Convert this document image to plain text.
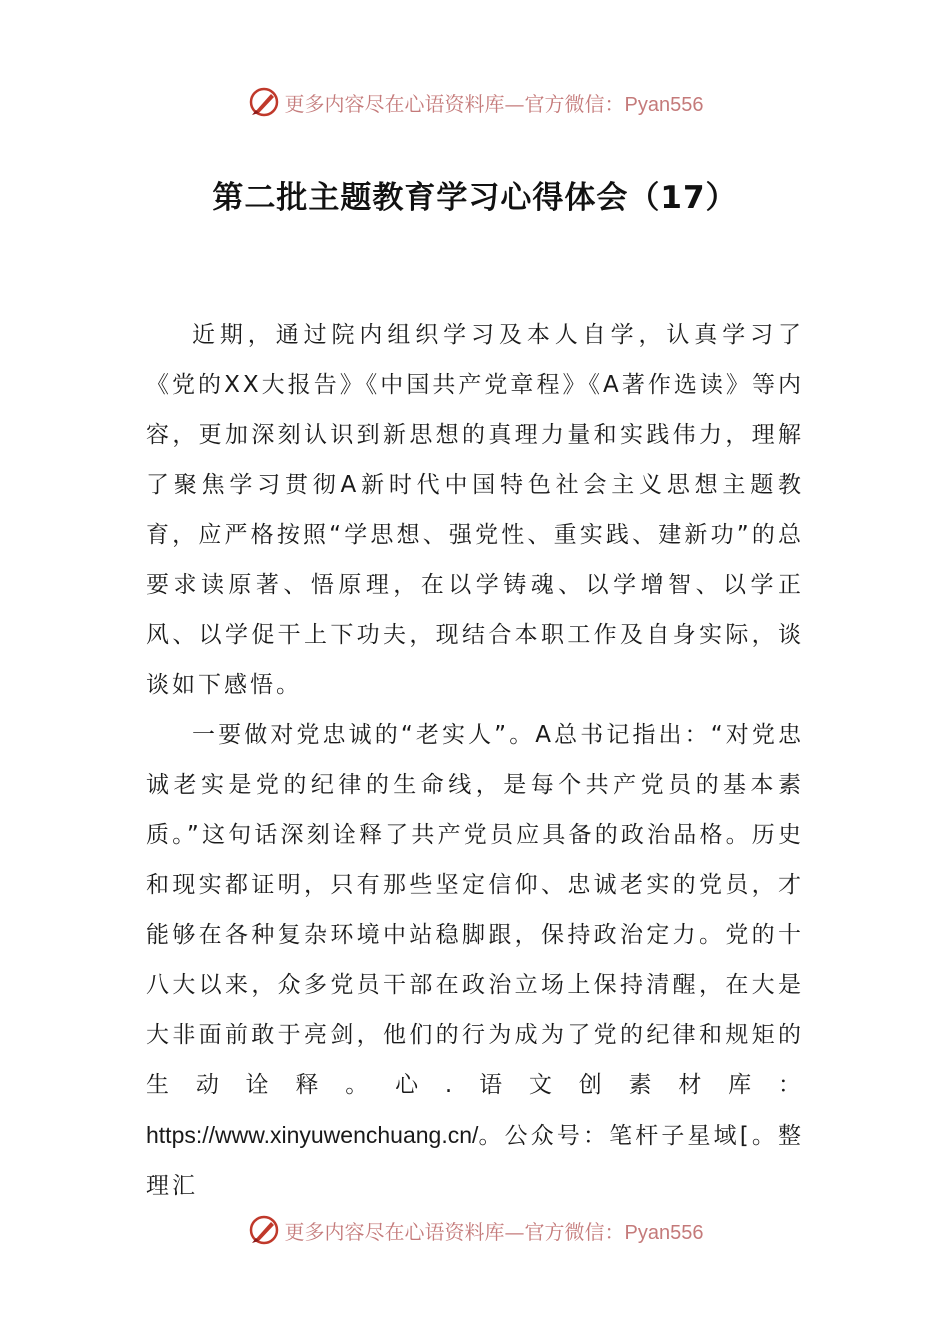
更多内容尽在心语资料库—官方微信：Pyan556
第二批主题教育学习心得体会（17）

近期，通过院内组织学习及本人自学，认真学习了《党的XX大报告》《中国共产党章程》《A著作选读》等内容，更加深刻认识到新思想的真理力量和实践伟力，理解了聚焦学习贯彻A新时代中国特色社会主义思想主题教育，应严格按照“学思想、强党性、重实践、建新功”的总要求读原著、悟原理，在以学铸魂、以学增智、以学正风、以学促干上下功夫，现结合本职工作及自身实际，谈谈如下感悟。

一要做对党忠诚的“老实人”。A总书记指出：“对党忠诚老实是党的纪律的生命线，是每个共产党员的基本素质。”这句话深刻诠释了共产党员应具备的政治品格。历史和现实都证明，只有那些坚定信仰、忠诚老实的党员，才能够在各种复杂环境中站稳脚跟，保持政治定力。党的十八大以来，众多党员干部在政治立场上保持清醒，在大是大非面前敢于亮剑，他们的行为成为了党的纪律和规矩的生动诠释。心.语文创素材库：https://www.xinyuwenchuang.cn/。公众号：笔杆子星域[。整理汇

更多内容尽在心语资料库—官方微信：Pyan556
